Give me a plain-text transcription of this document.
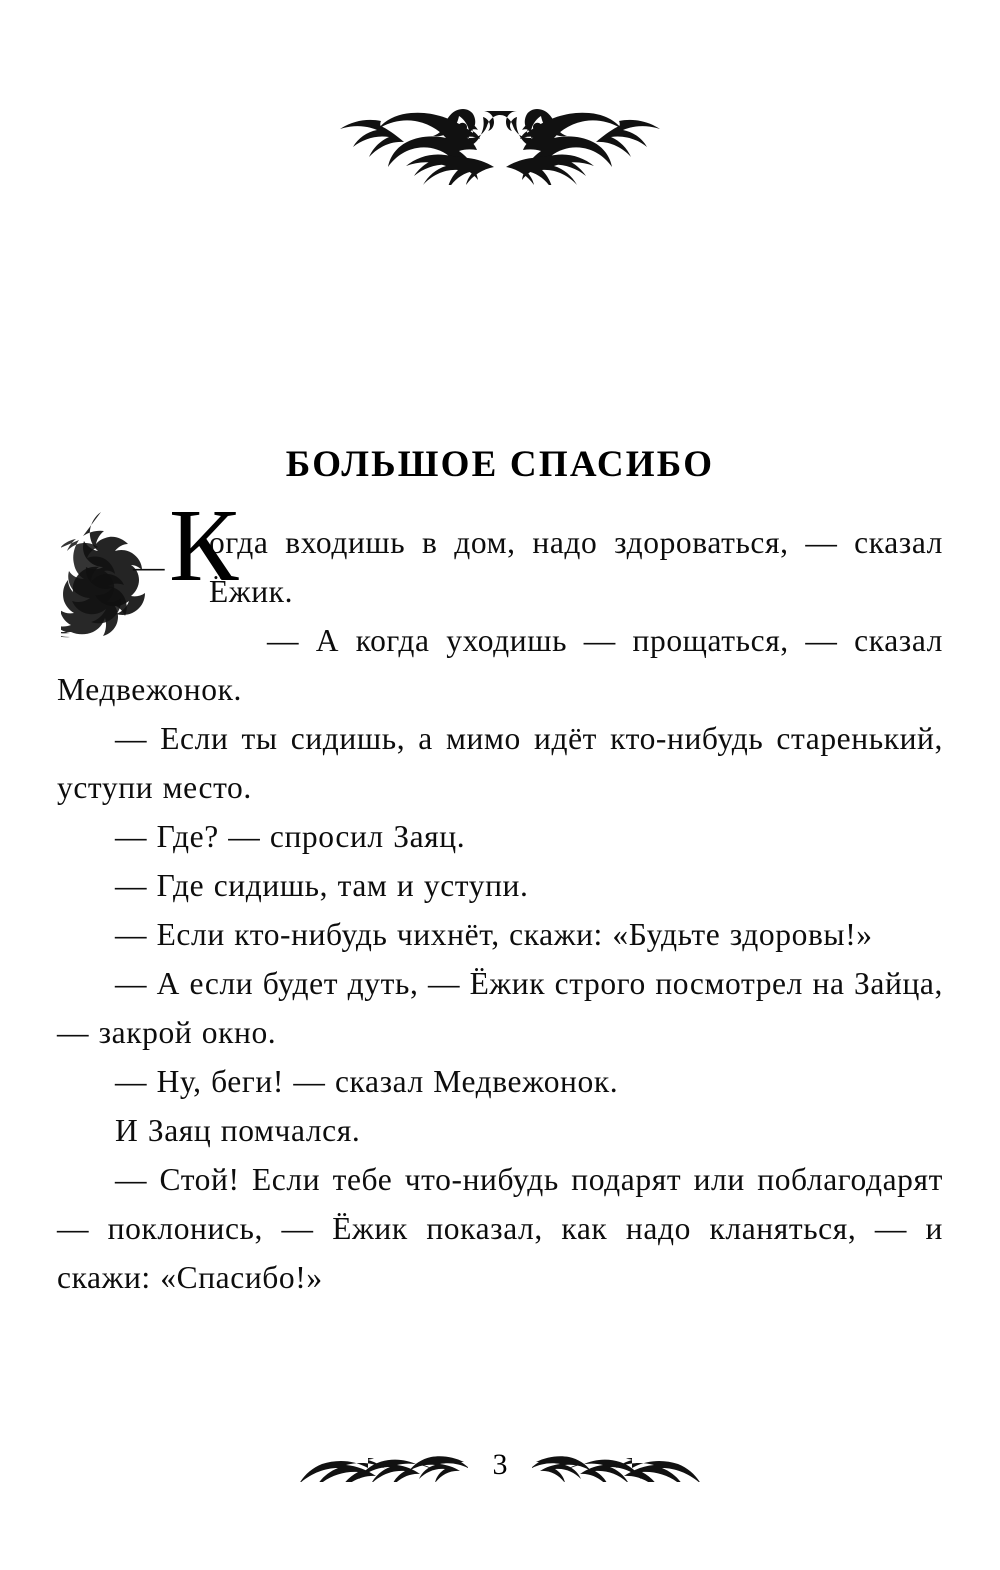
БОЛЬШОЕ СПАСИБО

— К
огда входишь в дом, надо здороваться, — сказал Ёжик.

— А когда уходишь — прощаться, — сказал Медвежонок.

— Если ты сидишь, а мимо идёт кто-нибудь старенький, уступи место.

— Где? — спросил Заяц.

— Где сидишь, там и уступи.

— Если кто-нибудь чихнёт, скажи: «Будьте здоровы!»

— А если будет дуть, — Ёжик строго посмотрел на Зайца, — закрой окно.

— Ну, беги! — сказал Медвежонок.

И Заяц помчался.

— Стой! Если тебе что-нибудь подарят или поблагодарят — поклонись, — Ёжик показал, как надо кланяться, — и скажи: «Спасибо!»

3
